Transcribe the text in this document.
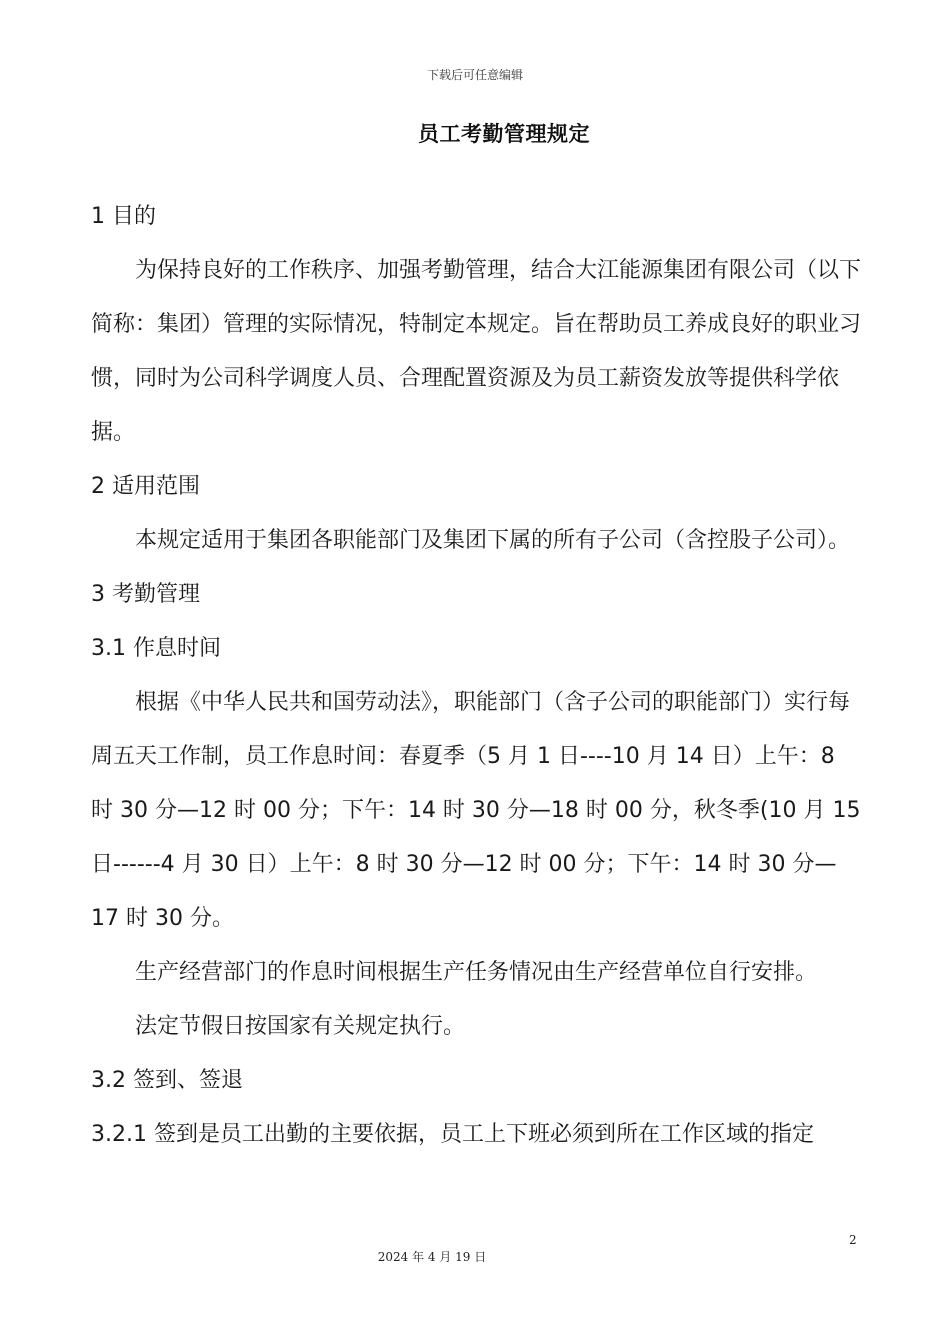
下载后可任意编辑
员工考勤管理规定

1 目的

为保持良好的工作秩序、加强考勤管理，结合大江能源集团有限公司（以下简称：集团）管理的实际情况，特制定本规定。旨在帮助员工养成良好的职业习惯，同时为公司科学调度人员、合理配置资源及为员工薪资发放等提供科学依据。

2 适用范围

本规定适用于集团各职能部门及集团下属的所有子公司（含控股子公司）。

3 考勤管理

3.1 作息时间

根据《中华人民共和国劳动法》，职能部门（含子公司的职能部门）实行每周五天工作制，员工作息时间：春夏季（5 月 1 日----10 月 14 日）上午：8 时 30 分—12 时 00 分；下午：14 时 30 分—18 时 00 分，秋冬季(10 月 15 日------4 月 30 日）上午：8 时 30 分—12 时 00 分；下午：14 时 30 分—17 时 30 分。

生产经营部门的作息时间根据生产任务情况由生产经营单位自行安排。

法定节假日按国家有关规定执行。

3.2 签到、签退

3.2.1 签到是员工出勤的主要依据，员工上下班必须到所在工作区域的指定

2
2024 年 4 月 19 日
